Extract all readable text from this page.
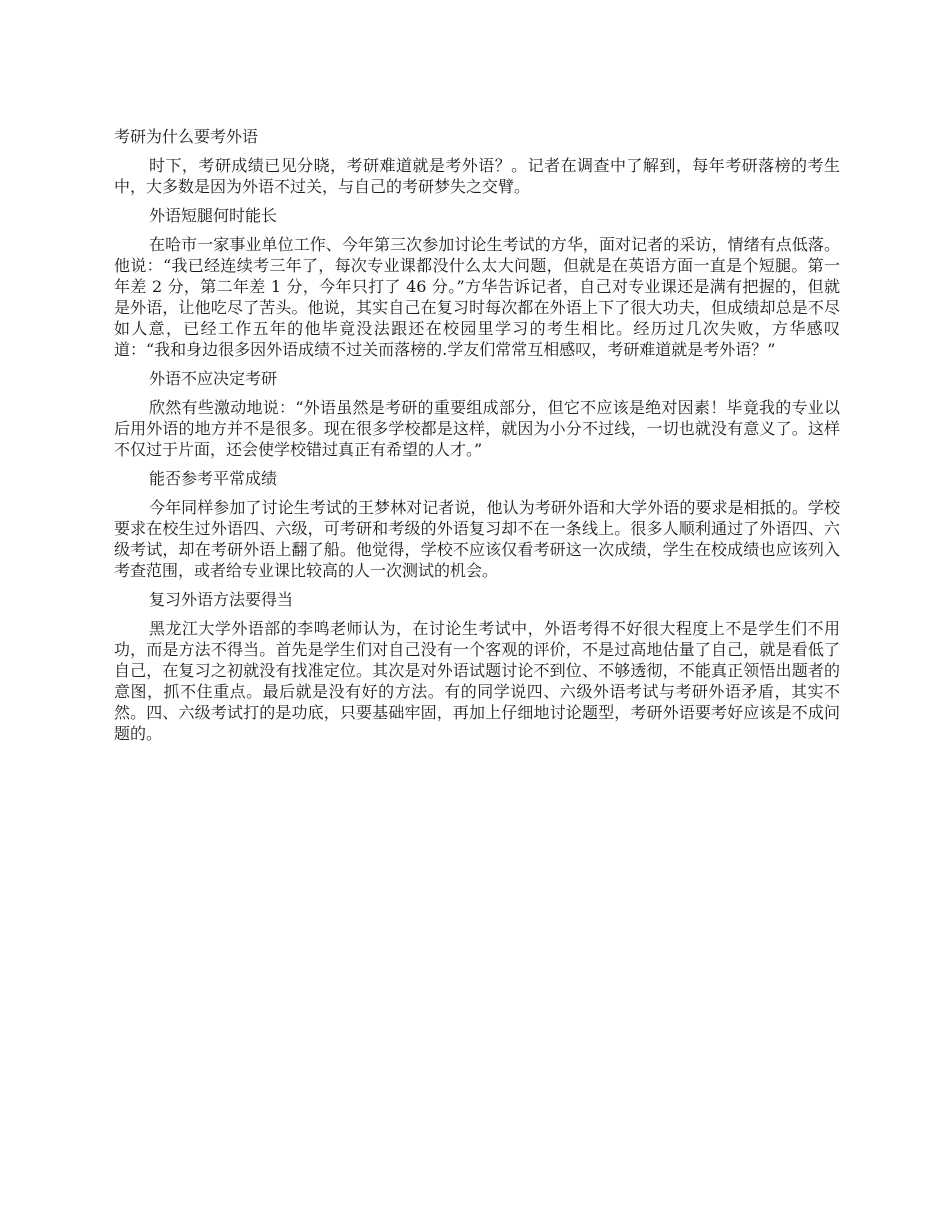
考研为什么要考外语

时下，考研成绩已见分晓，考研难道就是考外语？。记者在调查中了解到，每年考研落榜的考生中，大多数是因为外语不过关，与自己的考研梦失之交臂。

外语短腿何时能长

在哈市一家事业单位工作、今年第三次参加讨论生考试的方华，面对记者的采访，情绪有点低落。他说：“我已经连续考三年了，每次专业课都没什么太大问题，但就是在英语方面一直是个短腿。第一年差 2 分，第二年差 1 分，今年只打了 46 分。”方华告诉记者，自己对专业课还是满有把握的，但就是外语，让他吃尽了苦头。他说，其实自己在复习时每次都在外语上下了很大功夫，但成绩却总是不尽如人意，已经工作五年的他毕竟没法跟还在校园里学习的考生相比。经历过几次失败，方华感叹道：“我和身边很多因外语成绩不过关而落榜的.学友们常常互相感叹，考研难道就是考外语？”

外语不应决定考研

欣然有些激动地说：“外语虽然是考研的重要组成部分，但它不应该是绝对因素！毕竟我的专业以后用外语的地方并不是很多。现在很多学校都是这样，就因为小分不过线，一切也就没有意义了。这样不仅过于片面，还会使学校错过真正有希望的人才。”

能否参考平常成绩

今年同样参加了讨论生考试的王梦林对记者说，他认为考研外语和大学外语的要求是相抵的。学校要求在校生过外语四、六级，可考研和考级的外语复习却不在一条线上。很多人顺利通过了外语四、六级考试，却在考研外语上翻了船。他觉得，学校不应该仅看考研这一次成绩，学生在校成绩也应该列入考查范围，或者给专业课比较高的人一次测试的机会。

复习外语方法要得当

黑龙江大学外语部的李鸣老师认为，在讨论生考试中，外语考得不好很大程度上不是学生们不用功，而是方法不得当。首先是学生们对自己没有一个客观的评价，不是过高地估量了自己，就是看低了自己，在复习之初就没有找准定位。其次是对外语试题讨论不到位、不够透彻，不能真正领悟出题者的意图，抓不住重点。最后就是没有好的方法。有的同学说四、六级外语考试与考研外语矛盾，其实不然。四、六级考试打的是功底，只要基础牢固，再加上仔细地讨论题型，考研外语要考好应该是不成问题的。
